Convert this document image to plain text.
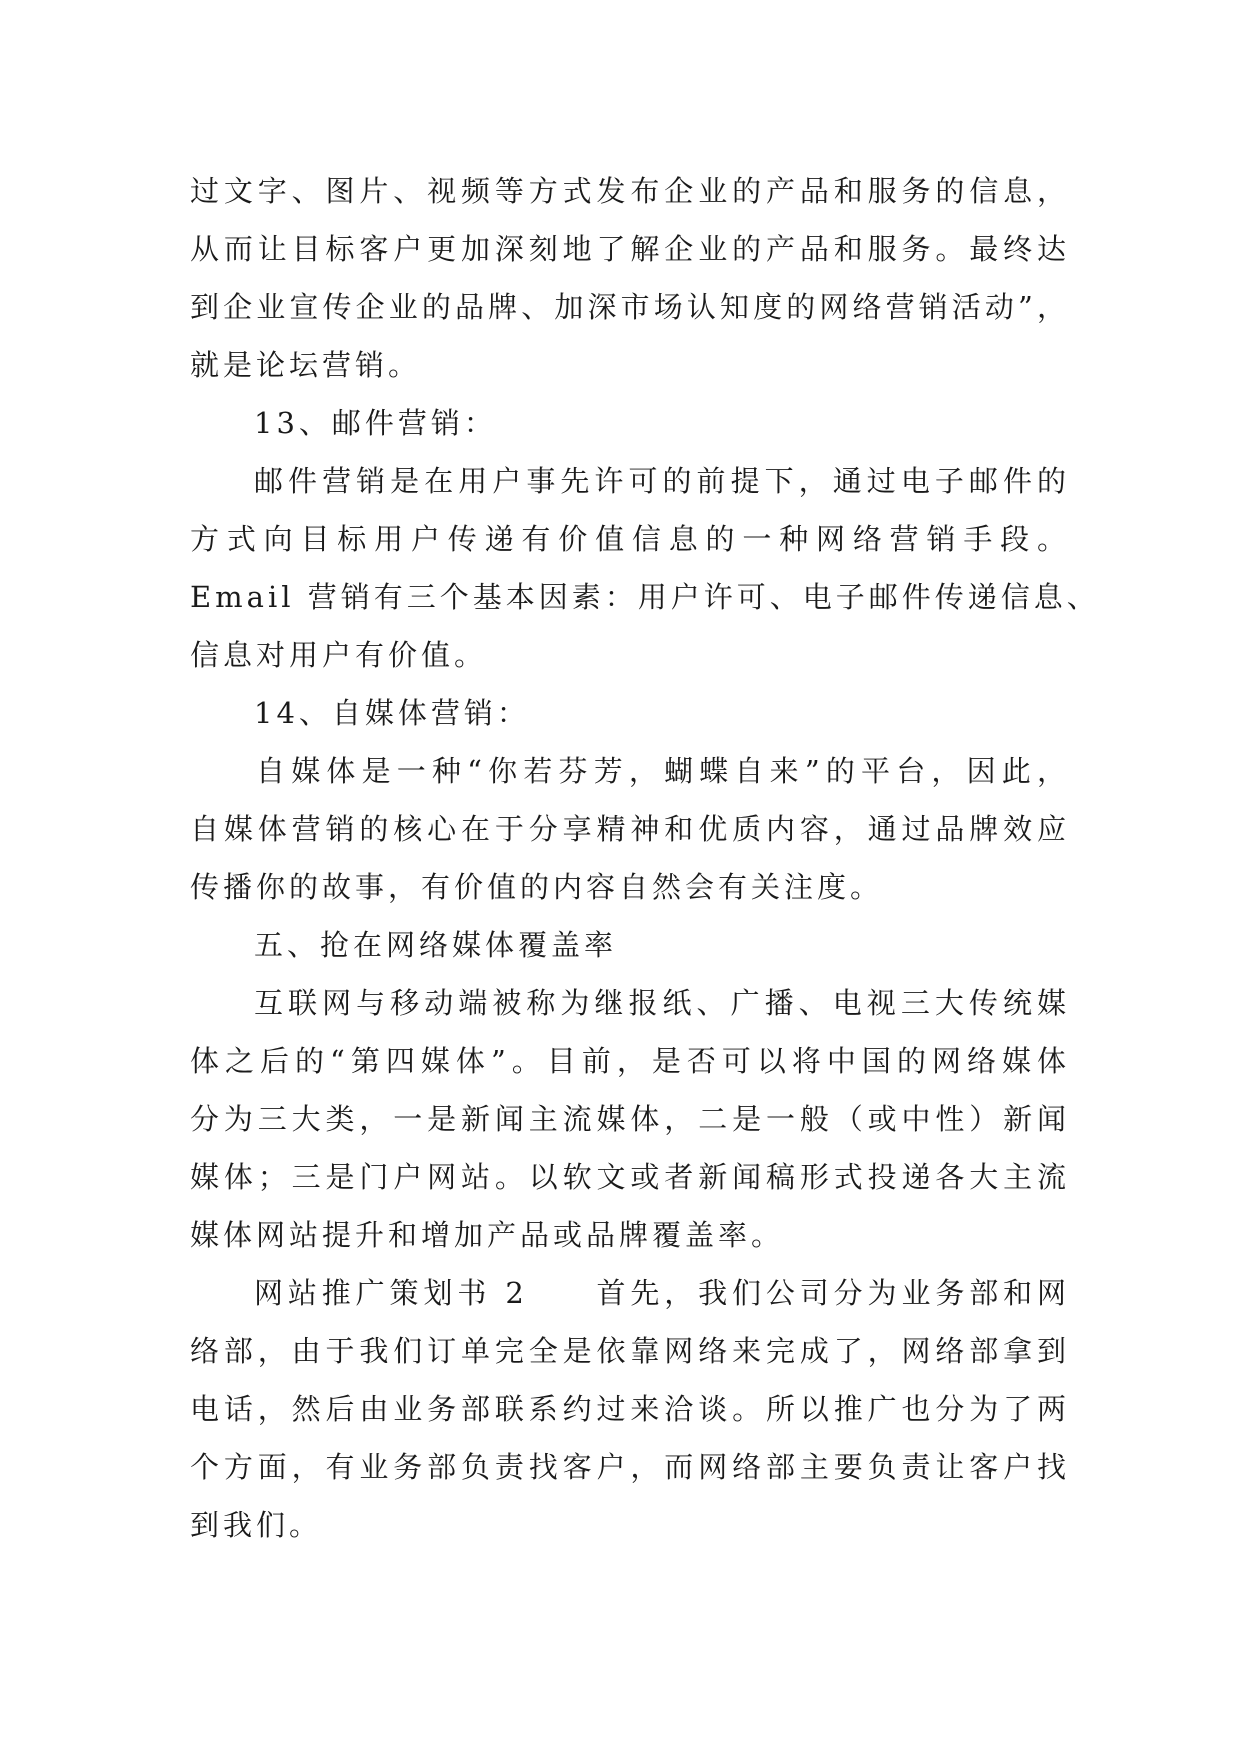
过文字、图片、视频等方式发布企业的产品和服务的信息，
从而让目标客户更加深刻地了解企业的产品和服务。最终达
到企业宣传企业的品牌、加深市场认知度的网络营销活动”，
就是论坛营销。
13、邮件营销：
邮件营销是在用户事先许可的前提下，通过电子邮件的
方式向目标用户传递有价值信息的一种网络营销手段。
Email 营销有三个基本因素：用户许可、电子邮件传递信息、
信息对用户有价值。
14、自媒体营销：
自媒体是一种“你若芬芳，蝴蝶自来”的平台，因此，
自媒体营销的核心在于分享精神和优质内容，通过品牌效应
传播你的故事，有价值的内容自然会有关注度。
五、抢在网络媒体覆盖率
互联网与移动端被称为继报纸、广播、电视三大传统媒
体之后的“第四媒体”。目前，是否可以将中国的网络媒体
分为三大类，一是新闻主流媒体，二是一般（或中性）新闻
媒体；三是门户网站。以软文或者新闻稿形式投递各大主流
媒体网站提升和增加产品或品牌覆盖率。
网站推广策划书 2　　首先，我们公司分为业务部和网
络部，由于我们订单完全是依靠网络来完成了，网络部拿到
电话，然后由业务部联系约过来洽谈。所以推广也分为了两
个方面，有业务部负责找客户，而网络部主要负责让客户找
到我们。
